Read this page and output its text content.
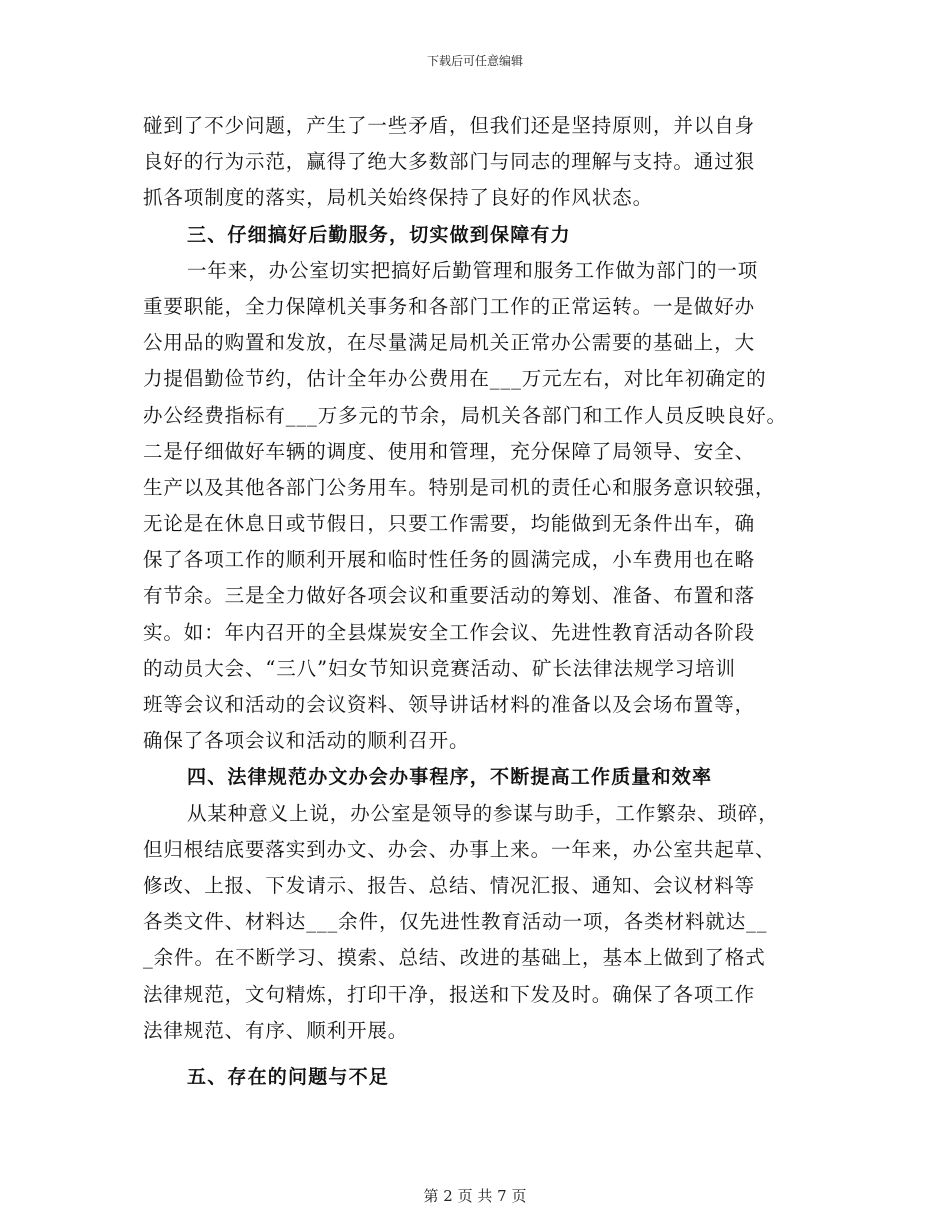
下载后可任意编辑
碰到了不少问题，产生了一些矛盾，但我们还是坚持原则，并以自身
良好的行为示范，赢得了绝大多数部门与同志的理解与支持。通过狠
抓各项制度的落实，局机关始终保持了良好的作风状态。
三、仔细搞好后勤服务，切实做到保障有力
一年来，办公室切实把搞好后勤管理和服务工作做为部门的一项
重要职能，全力保障机关事务和各部门工作的正常运转。一是做好办
公用品的购置和发放，在尽量满足局机关正常办公需要的基础上，大
力提倡勤俭节约，估计全年办公费用在___万元左右，对比年初确定的
办公经费指标有___万多元的节余，局机关各部门和工作人员反映良好。
二是仔细做好车辆的调度、使用和管理，充分保障了局领导、安全、
生产以及其他各部门公务用车。特别是司机的责任心和服务意识较强，
无论是在休息日或节假日，只要工作需要，均能做到无条件出车，确
保了各项工作的顺利开展和临时性任务的圆满完成，小车费用也在略
有节余。三是全力做好各项会议和重要活动的筹划、准备、布置和落
实。如：年内召开的全县煤炭安全工作会议、先进性教育活动各阶段
的动员大会、“三八”妇女节知识竞赛活动、矿长法律法规学习培训
班等会议和活动的会议资料、领导讲话材料的准备以及会场布置等，
确保了各项会议和活动的顺利召开。
四、法律规范办文办会办事程序，不断提高工作质量和效率
从某种意义上说，办公室是领导的参谋与助手，工作繁杂、琐碎，
但归根结底要落实到办文、办会、办事上来。一年来，办公室共起草、
修改、上报、下发请示、报告、总结、情况汇报、通知、会议材料等
各类文件、材料达___余件，仅先进性教育活动一项，各类材料就达__
_余件。在不断学习、摸索、总结、改进的基础上，基本上做到了格式
法律规范，文句精炼，打印干净，报送和下发及时。确保了各项工作
法律规范、有序、顺利开展。
五、存在的问题与不足
第 2 页 共 7 页
